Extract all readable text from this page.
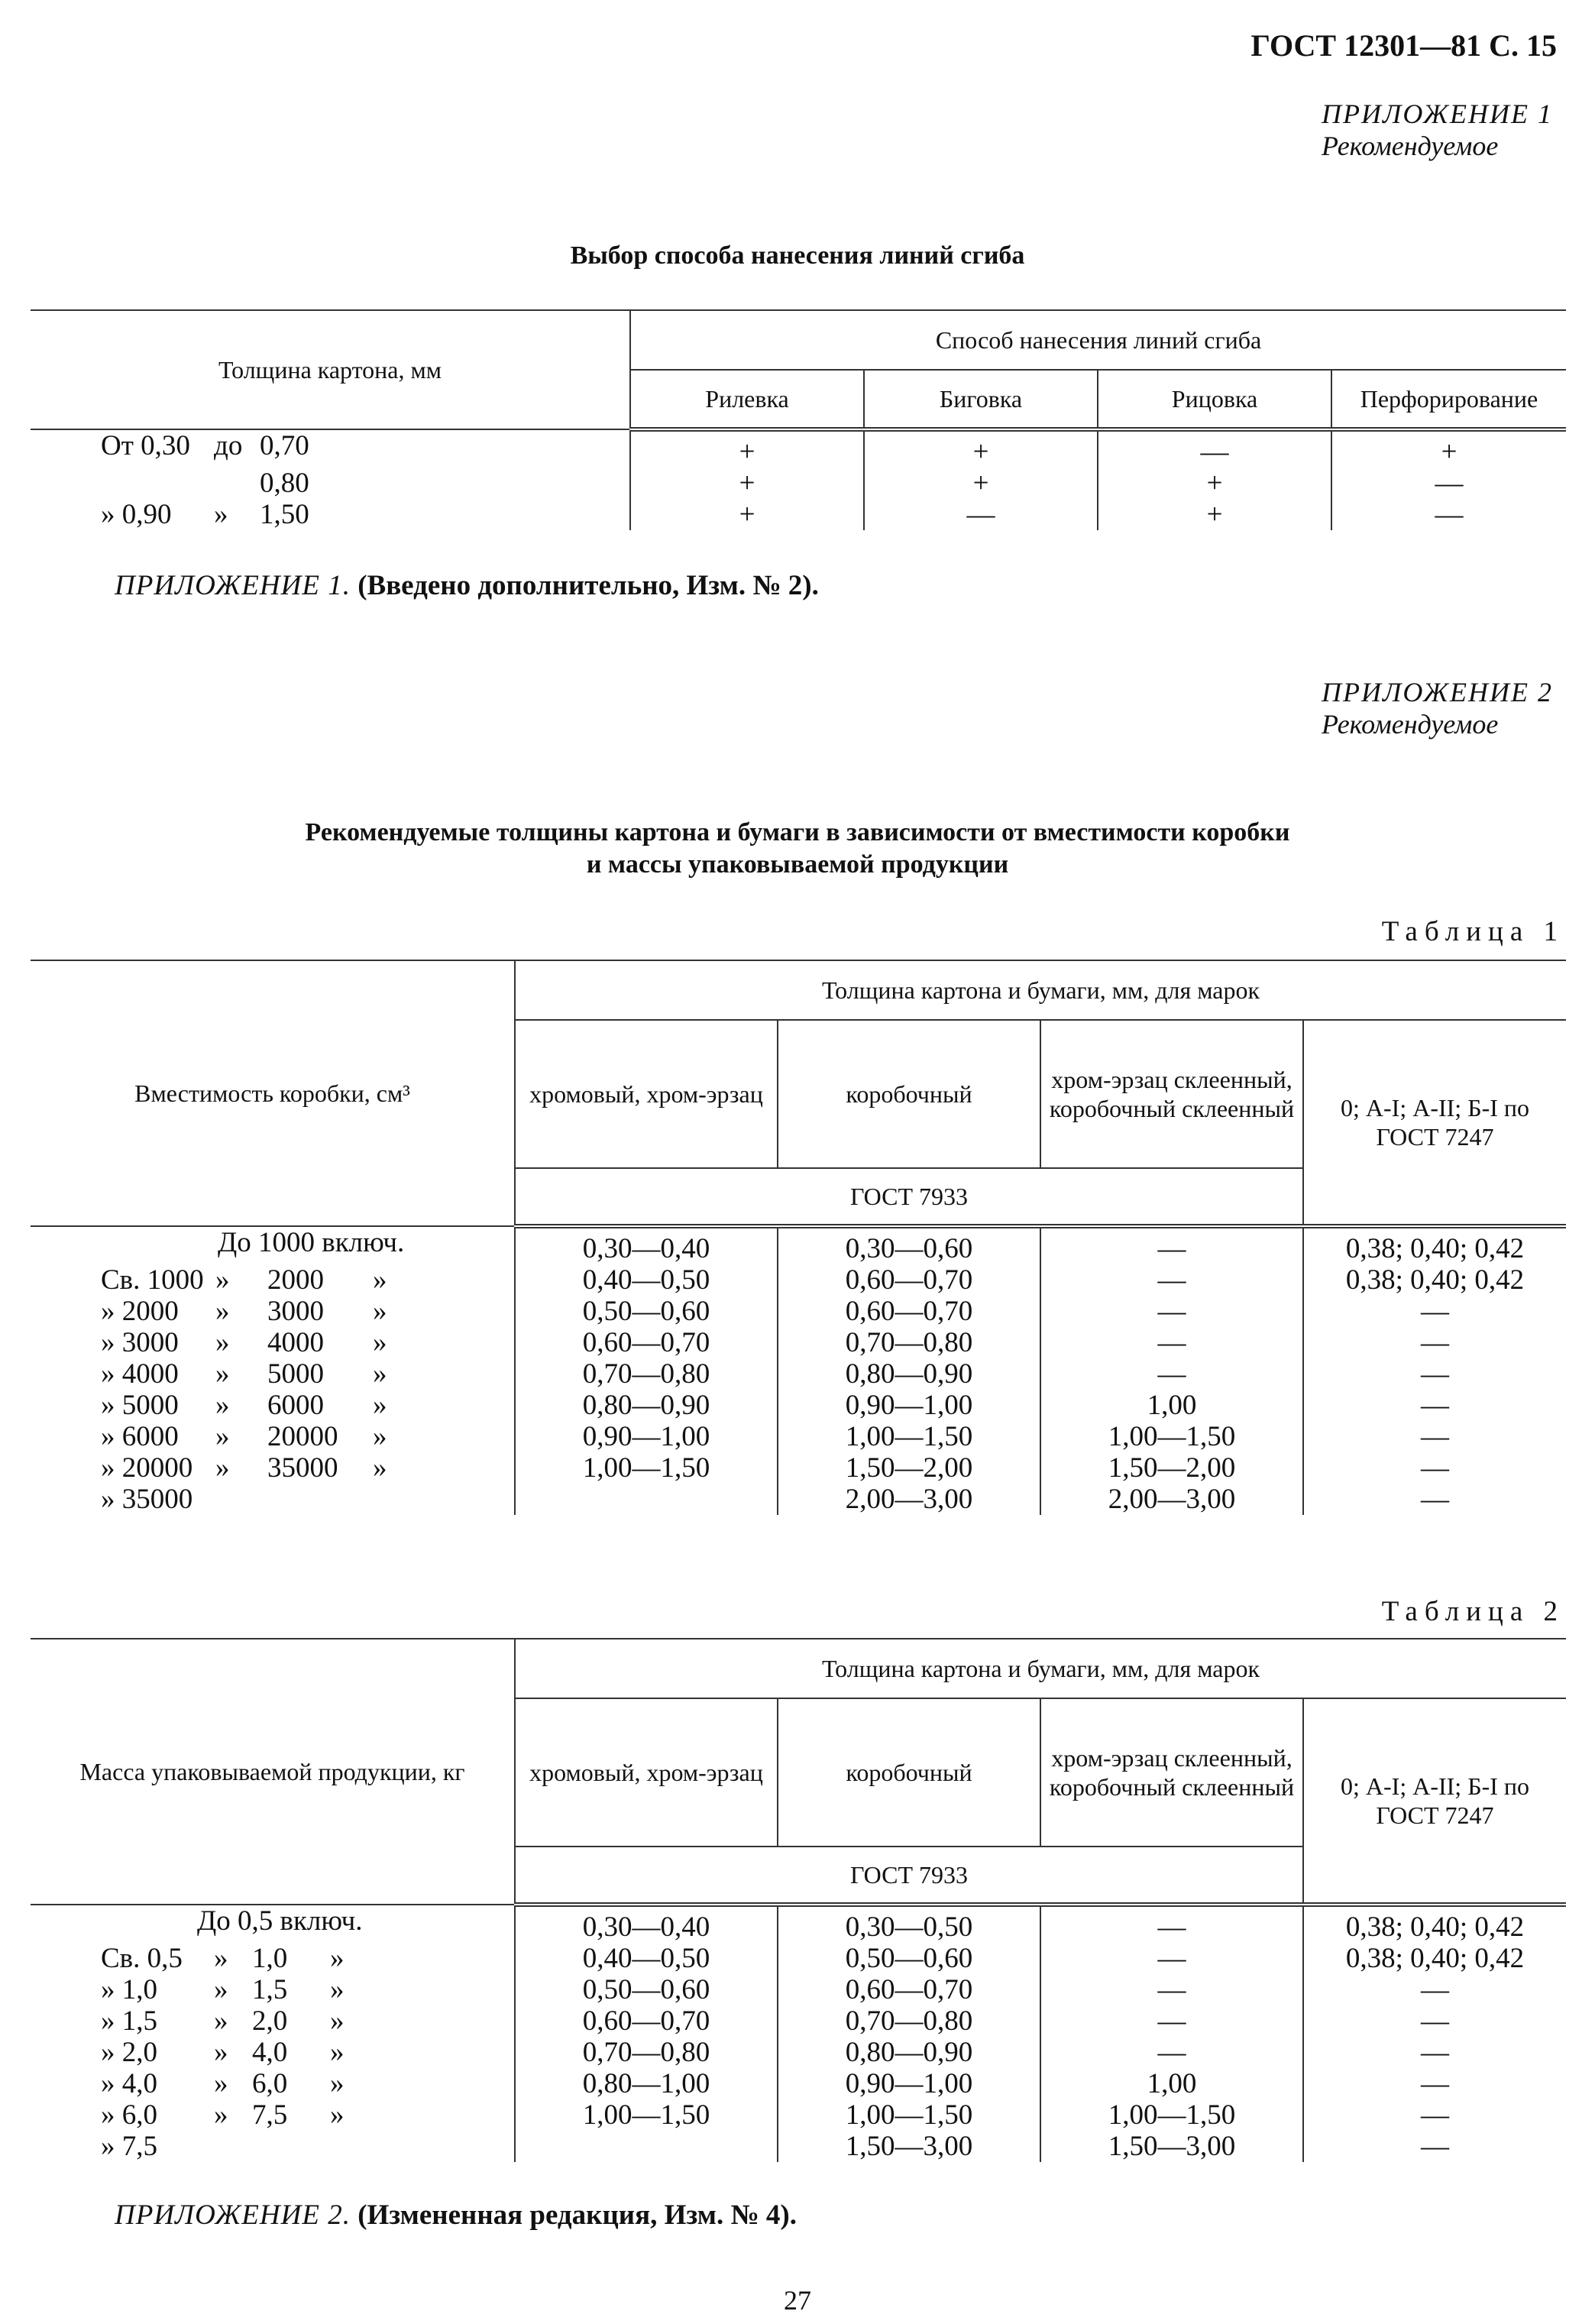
ГОСТ 12301—81 С. 15
ПРИЛОЖЕНИЕ 1
Рекомендуемое
Выбор способа нанесения линий сгиба
Толщина картона, мм	Способ нанесения линий сгиба			
	Рилевка	Биговка	Рицовка	Перфорирование

От 0,30 до 0,70	+	+	—	+

0,80	+	+	+	—

» 0,90 » 1,50	+	—	+	—
ПРИЛОЖЕНИЕ 1. (Введено дополнительно, Изм. № 2).
ПРИЛОЖЕНИЕ 2
Рекомендуемое
Рекомендуемые толщины картона и бумаги в зависимости от вместимости коробки
и массы упаковываемой продукции
Таблица 1
Вместимость коробки, см³	Толщина картона и бумаги, мм, для марок			
	хромовый, хром-эрзац	коробочный	хром-эрзац склеенный, коробочный склеенный	0; А-I; А-II; Б-I по ГОСТ 7247
	ГОСТ 7933			

До 1000 включ.	0,30—0,40	0,30—0,60	—	0,38; 0,40; 0,42

Св. 1000 » 2000 »	0,40—0,50	0,60—0,70	—	0,38; 0,40; 0,42

» 2000 » 3000 »	0,50—0,60	0,60—0,70	—	—

» 3000 » 4000 »	0,60—0,70	0,70—0,80	—	—

» 4000 » 5000 »	0,70—0,80	0,80—0,90	—	—

» 5000 » 6000 »	0,80—0,90	0,90—1,00	1,00	—

» 6000 » 20000 »	0,90—1,00	1,00—1,50	1,00—1,50	—

» 20000 » 35000 »	1,00—1,50	1,50—2,00	1,50—2,00	—

» 35000		2,00—3,00	2,00—3,00	—
Таблица 2
Масса упаковываемой продукции, кг	Толщина картона и бумаги, мм, для марок			
	хромовый, хром-эрзац	коробочный	хром-эрзац склеенный, коробочный склеенный	0; А-I; А-II; Б-I по ГОСТ 7247
	ГОСТ 7933			

До 0,5 включ.	0,30—0,40	0,30—0,50	—	0,38; 0,40; 0,42

Св. 0,5 » 1,0 »	0,40—0,50	0,50—0,60	—	0,38; 0,40; 0,42

» 1,0 » 1,5 »	0,50—0,60	0,60—0,70	—	—

» 1,5 » 2,0 »	0,60—0,70	0,70—0,80	—	—

» 2,0 » 4,0 »	0,70—0,80	0,80—0,90	—	—

» 4,0 » 6,0 »	0,80—1,00	0,90—1,00	1,00	—

» 6,0 » 7,5 »	1,00—1,50	1,00—1,50	1,00—1,50	—

» 7,5		1,50—3,00	1,50—3,00	—
ПРИЛОЖЕНИЕ 2. (Измененная редакция, Изм. № 4).
27
